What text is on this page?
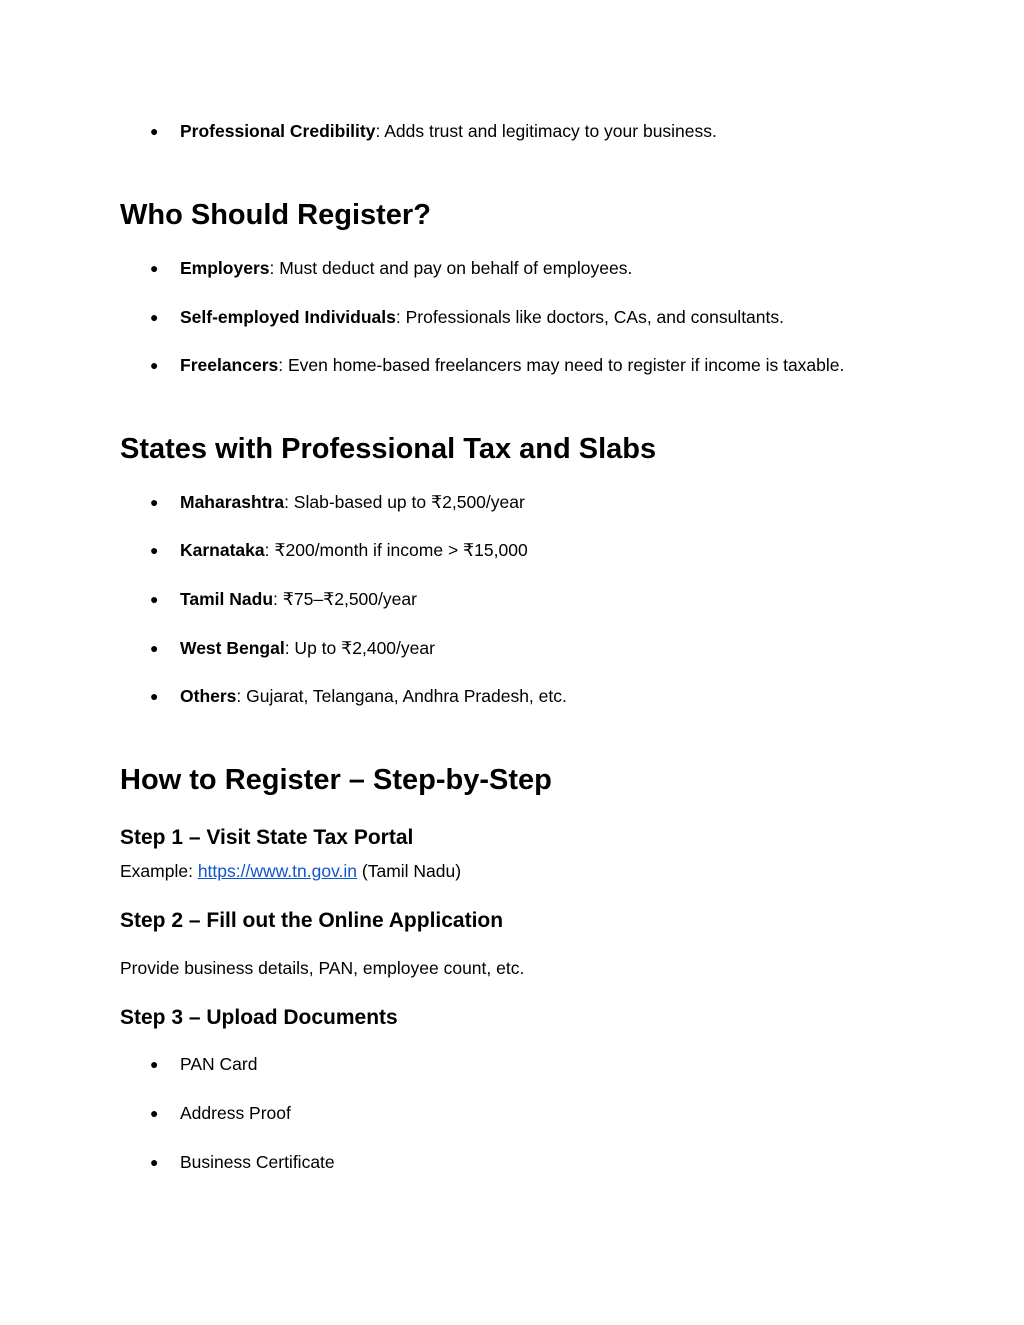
● Professional Credibility: Adds trust and legitimacy to your business.
Who Should Register?
● Employers: Must deduct and pay on behalf of employees.
● Self-employed Individuals: Professionals like doctors, CAs, and consultants.
● Freelancers: Even home-based freelancers may need to register if income is taxable.
States with Professional Tax and Slabs
● Maharashtra: Slab-based up to ₹2,500/year
● Karnataka: ₹200/month if income > ₹15,000
● Tamil Nadu: ₹75–₹2,500/year
● West Bengal: Up to ₹2,400/year
● Others: Gujarat, Telangana, Andhra Pradesh, etc.
How to Register – Step-by-Step
Step 1 – Visit State Tax Portal
Example: https://www.tn.gov.in (Tamil Nadu)
Step 2 – Fill out the Online Application
Provide business details, PAN, employee count, etc.
Step 3 – Upload Documents
● PAN Card
● Address Proof
● Business Certificate
